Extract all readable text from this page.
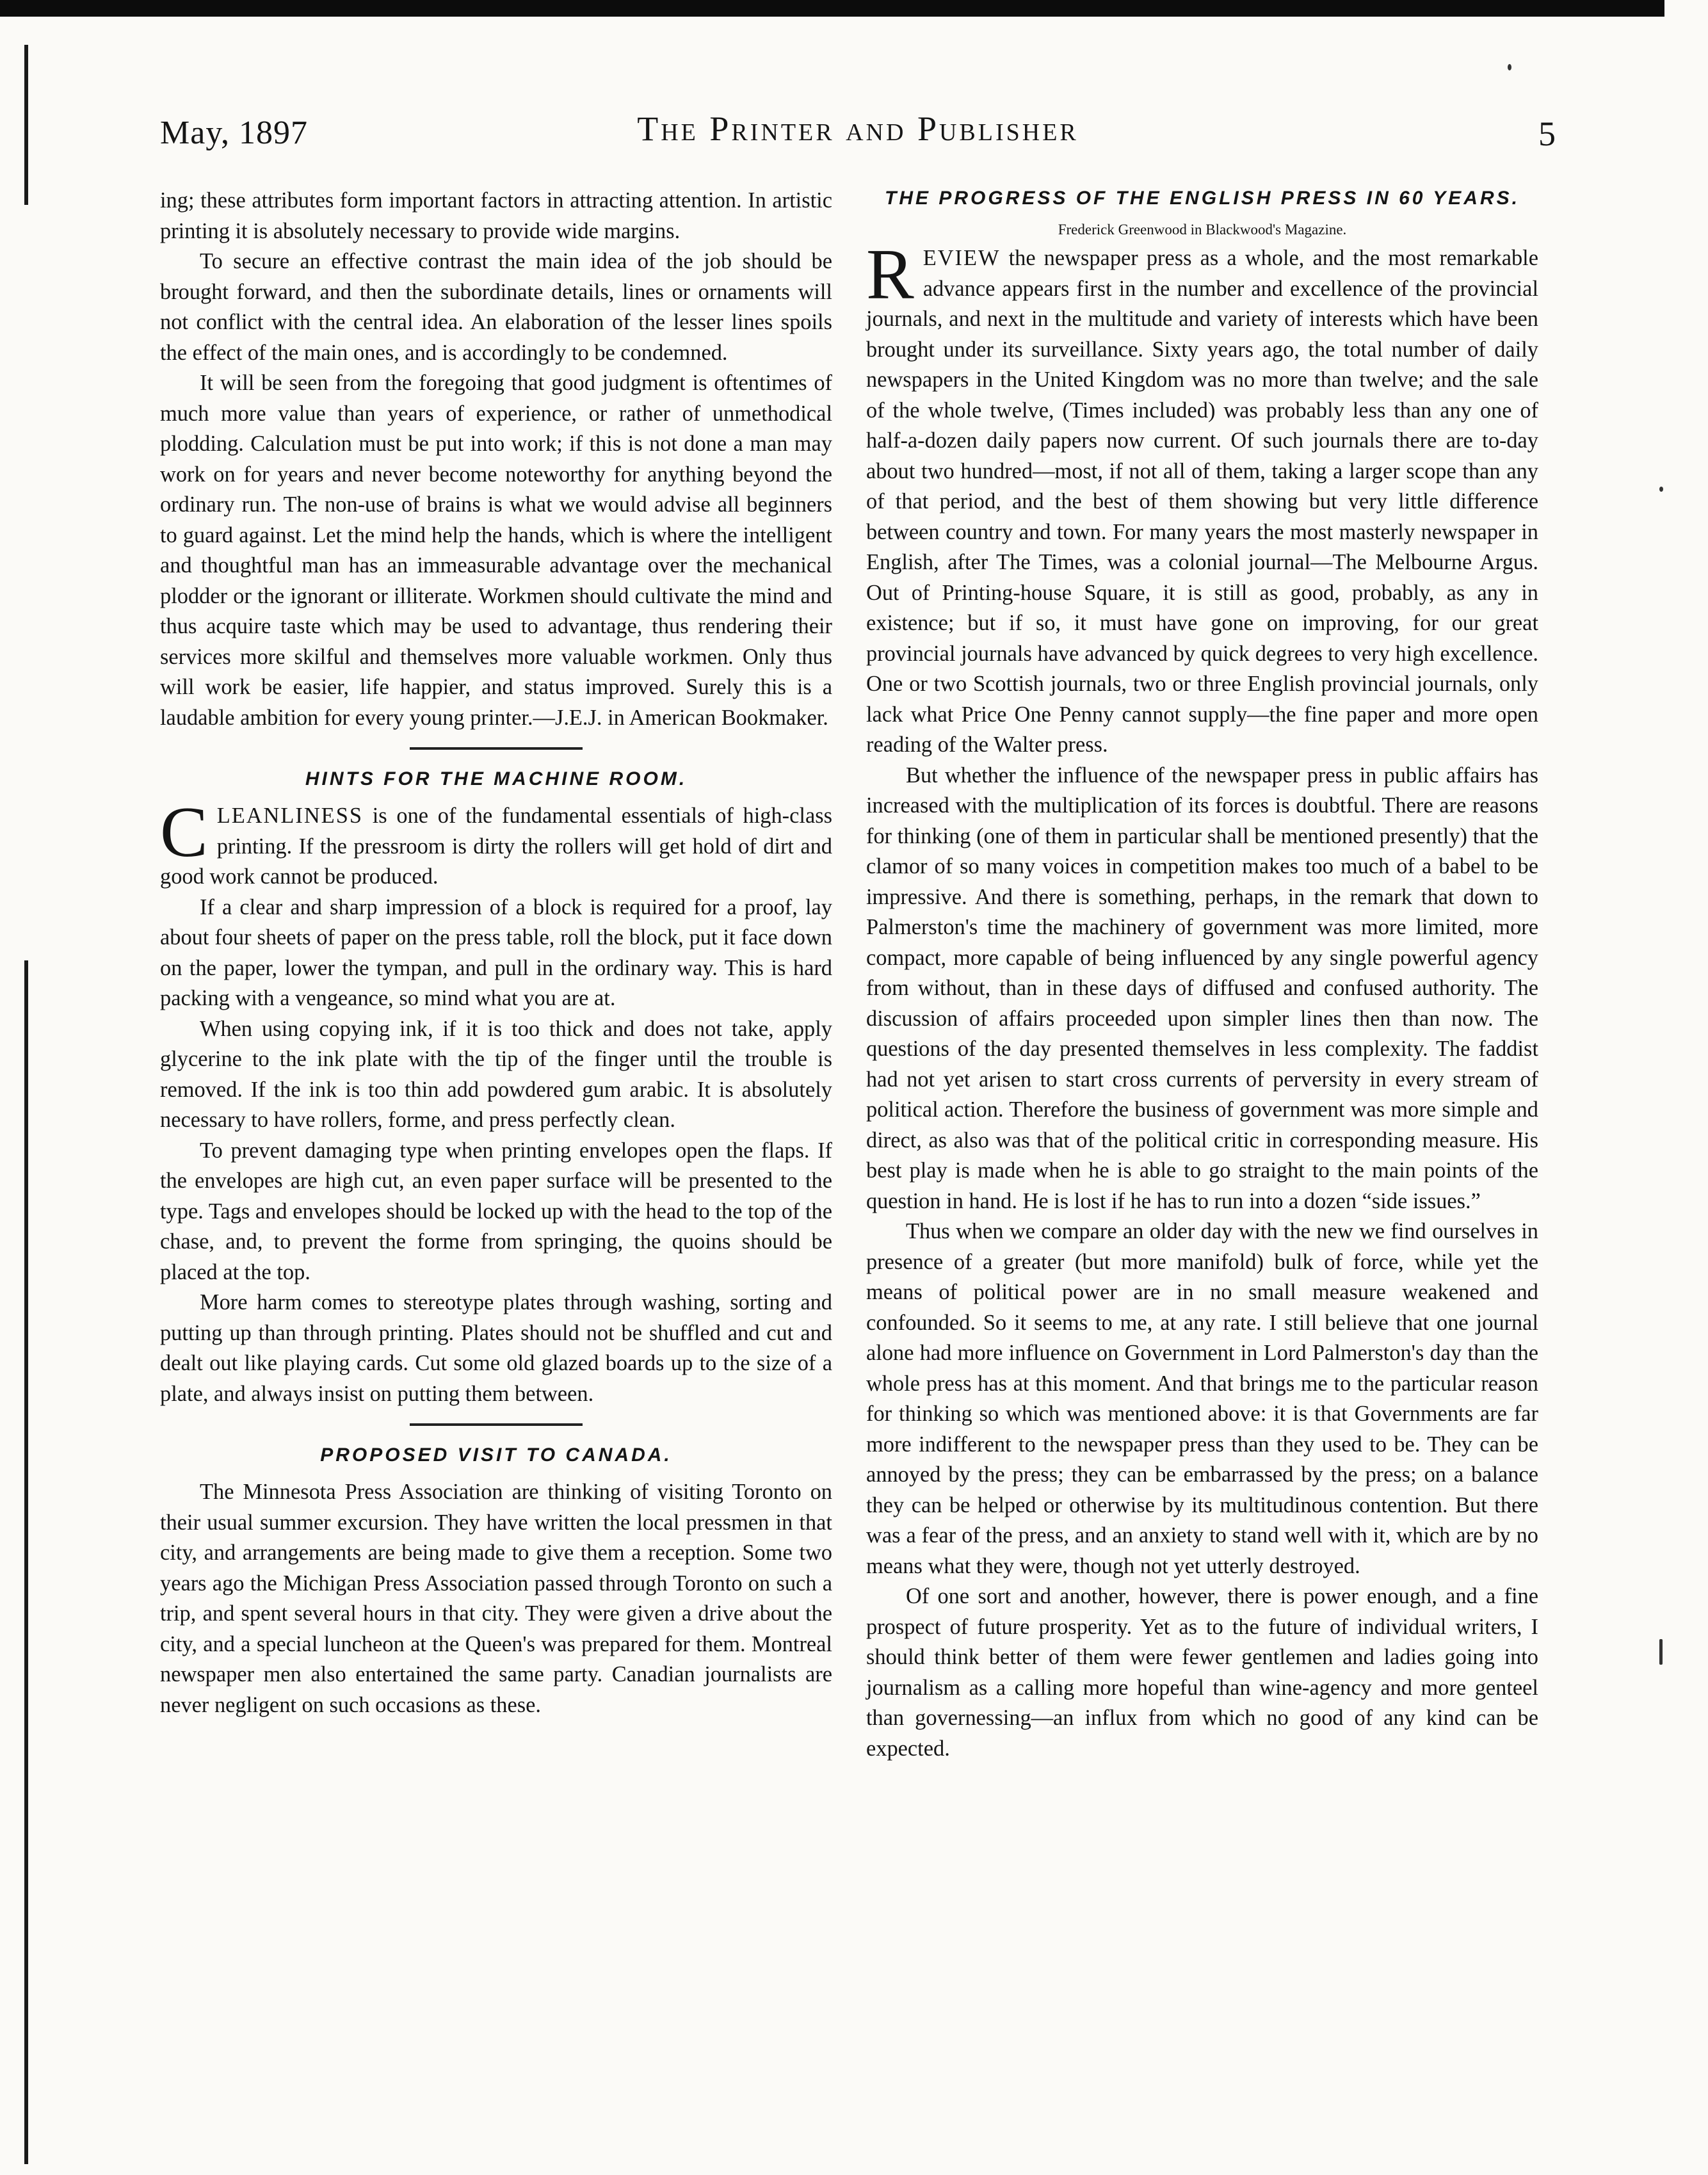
May, 1897	The Printer and Publisher	5

ing; these attributes form important factors in attracting attention. In artistic printing it is absolutely necessary to provide wide margins.

To secure an effective contrast the main idea of the job should be brought forward, and then the subordinate details, lines or ornaments will not conflict with the central idea. An elaboration of the lesser lines spoils the effect of the main ones, and is accordingly to be condemned.

It will be seen from the foregoing that good judgment is oftentimes of much more value than years of experience, or rather of unmethodical plodding. Calculation must be put into work; if this is not done a man may work on for years and never become noteworthy for anything beyond the ordinary run. The non-use of brains is what we would advise all beginners to guard against. Let the mind help the hands, which is where the intelligent and thoughtful man has an immeasurable advantage over the mechanical plodder or the ignorant or illiterate. Workmen should cultivate the mind and thus acquire taste which may be used to advantage, thus rendering their services more skilful and themselves more valuable workmen. Only thus will work be easier, life happier, and status improved. Surely this is a laudable ambition for every young printer.—J.E.J. in American Bookmaker.

HINTS FOR THE MACHINE ROOM.

CLEANLINESS is one of the fundamental essentials of high-class printing. If the pressroom is dirty the rollers will get hold of dirt and good work cannot be produced.

If a clear and sharp impression of a block is required for a proof, lay about four sheets of paper on the press table, roll the block, put it face down on the paper, lower the tympan, and pull in the ordinary way. This is hard packing with a vengeance, so mind what you are at.

When using copying ink, if it is too thick and does not take, apply glycerine to the ink plate with the tip of the finger until the trouble is removed. If the ink is too thin add powdered gum arabic. It is absolutely necessary to have rollers, forme, and press perfectly clean.

To prevent damaging type when printing envelopes open the flaps. If the envelopes are high cut, an even paper surface will be presented to the type. Tags and envelopes should be locked up with the head to the top of the chase, and, to prevent the forme from springing, the quoins should be placed at the top.

More harm comes to stereotype plates through washing, sorting and putting up than through printing. Plates should not be shuffled and cut and dealt out like playing cards. Cut some old glazed boards up to the size of a plate, and always insist on putting them between.

PROPOSED VISIT TO CANADA.

The Minnesota Press Association are thinking of visiting Toronto on their usual summer excursion. They have written the local pressmen in that city, and arrangements are being made to give them a reception. Some two years ago the Michigan Press Association passed through Toronto on such a trip, and spent several hours in that city. They were given a drive about the city, and a special luncheon at the Queen's was prepared for them. Montreal newspaper men also entertained the same party. Canadian journalists are never negligent on such occasions as these.

THE PROGRESS OF THE ENGLISH PRESS IN 60 YEARS.
Frederick Greenwood in Blackwood's Magazine.

REVIEW the newspaper press as a whole, and the most remarkable advance appears first in the number and excellence of the provincial journals, and next in the multitude and variety of interests which have been brought under its surveillance. Sixty years ago, the total number of daily newspapers in the United Kingdom was no more than twelve; and the sale of the whole twelve, (Times included) was probably less than any one of half-a-dozen daily papers now current. Of such journals there are to-day about two hundred—most, if not all of them, taking a larger scope than any of that period, and the best of them showing but very little difference between country and town. For many years the most masterly newspaper in English, after The Times, was a colonial journal—The Melbourne Argus. Out of Printing-house Square, it is still as good, probably, as any in existence; but if so, it must have gone on improving, for our great provincial journals have advanced by quick degrees to very high excellence. One or two Scottish journals, two or three English provincial journals, only lack what Price One Penny cannot supply—the fine paper and more open reading of the Walter press.

But whether the influence of the newspaper press in public affairs has increased with the multiplication of its forces is doubtful. There are reasons for thinking (one of them in particular shall be mentioned presently) that the clamor of so many voices in competition makes too much of a babel to be impressive. And there is something, perhaps, in the remark that down to Palmerston's time the machinery of government was more limited, more compact, more capable of being influenced by any single powerful agency from without, than in these days of diffused and confused authority. The discussion of affairs proceeded upon simpler lines then than now. The questions of the day presented themselves in less complexity. The faddist had not yet arisen to start cross currents of perversity in every stream of political action. Therefore the business of government was more simple and direct, as also was that of the political critic in corresponding measure. His best play is made when he is able to go straight to the main points of the question in hand. He is lost if he has to run into a dozen “side issues.”

Thus when we compare an older day with the new we find ourselves in presence of a greater (but more manifold) bulk of force, while yet the means of political power are in no small measure weakened and confounded. So it seems to me, at any rate. I still believe that one journal alone had more influence on Government in Lord Palmerston's day than the whole press has at this moment. And that brings me to the particular reason for thinking so which was mentioned above: it is that Governments are far more indifferent to the newspaper press than they used to be. They can be annoyed by the press; they can be embarrassed by the press; on a balance they can be helped or otherwise by its multitudinous contention. But there was a fear of the press, and an anxiety to stand well with it, which are by no means what they were, though not yet utterly destroyed.

Of one sort and another, however, there is power enough, and a fine prospect of future prosperity. Yet as to the future of individual writers, I should think better of them were fewer gentlemen and ladies going into journalism as a calling more hopeful than wine-agency and more genteel than governessing—an influx from which no good of any kind can be expected.
